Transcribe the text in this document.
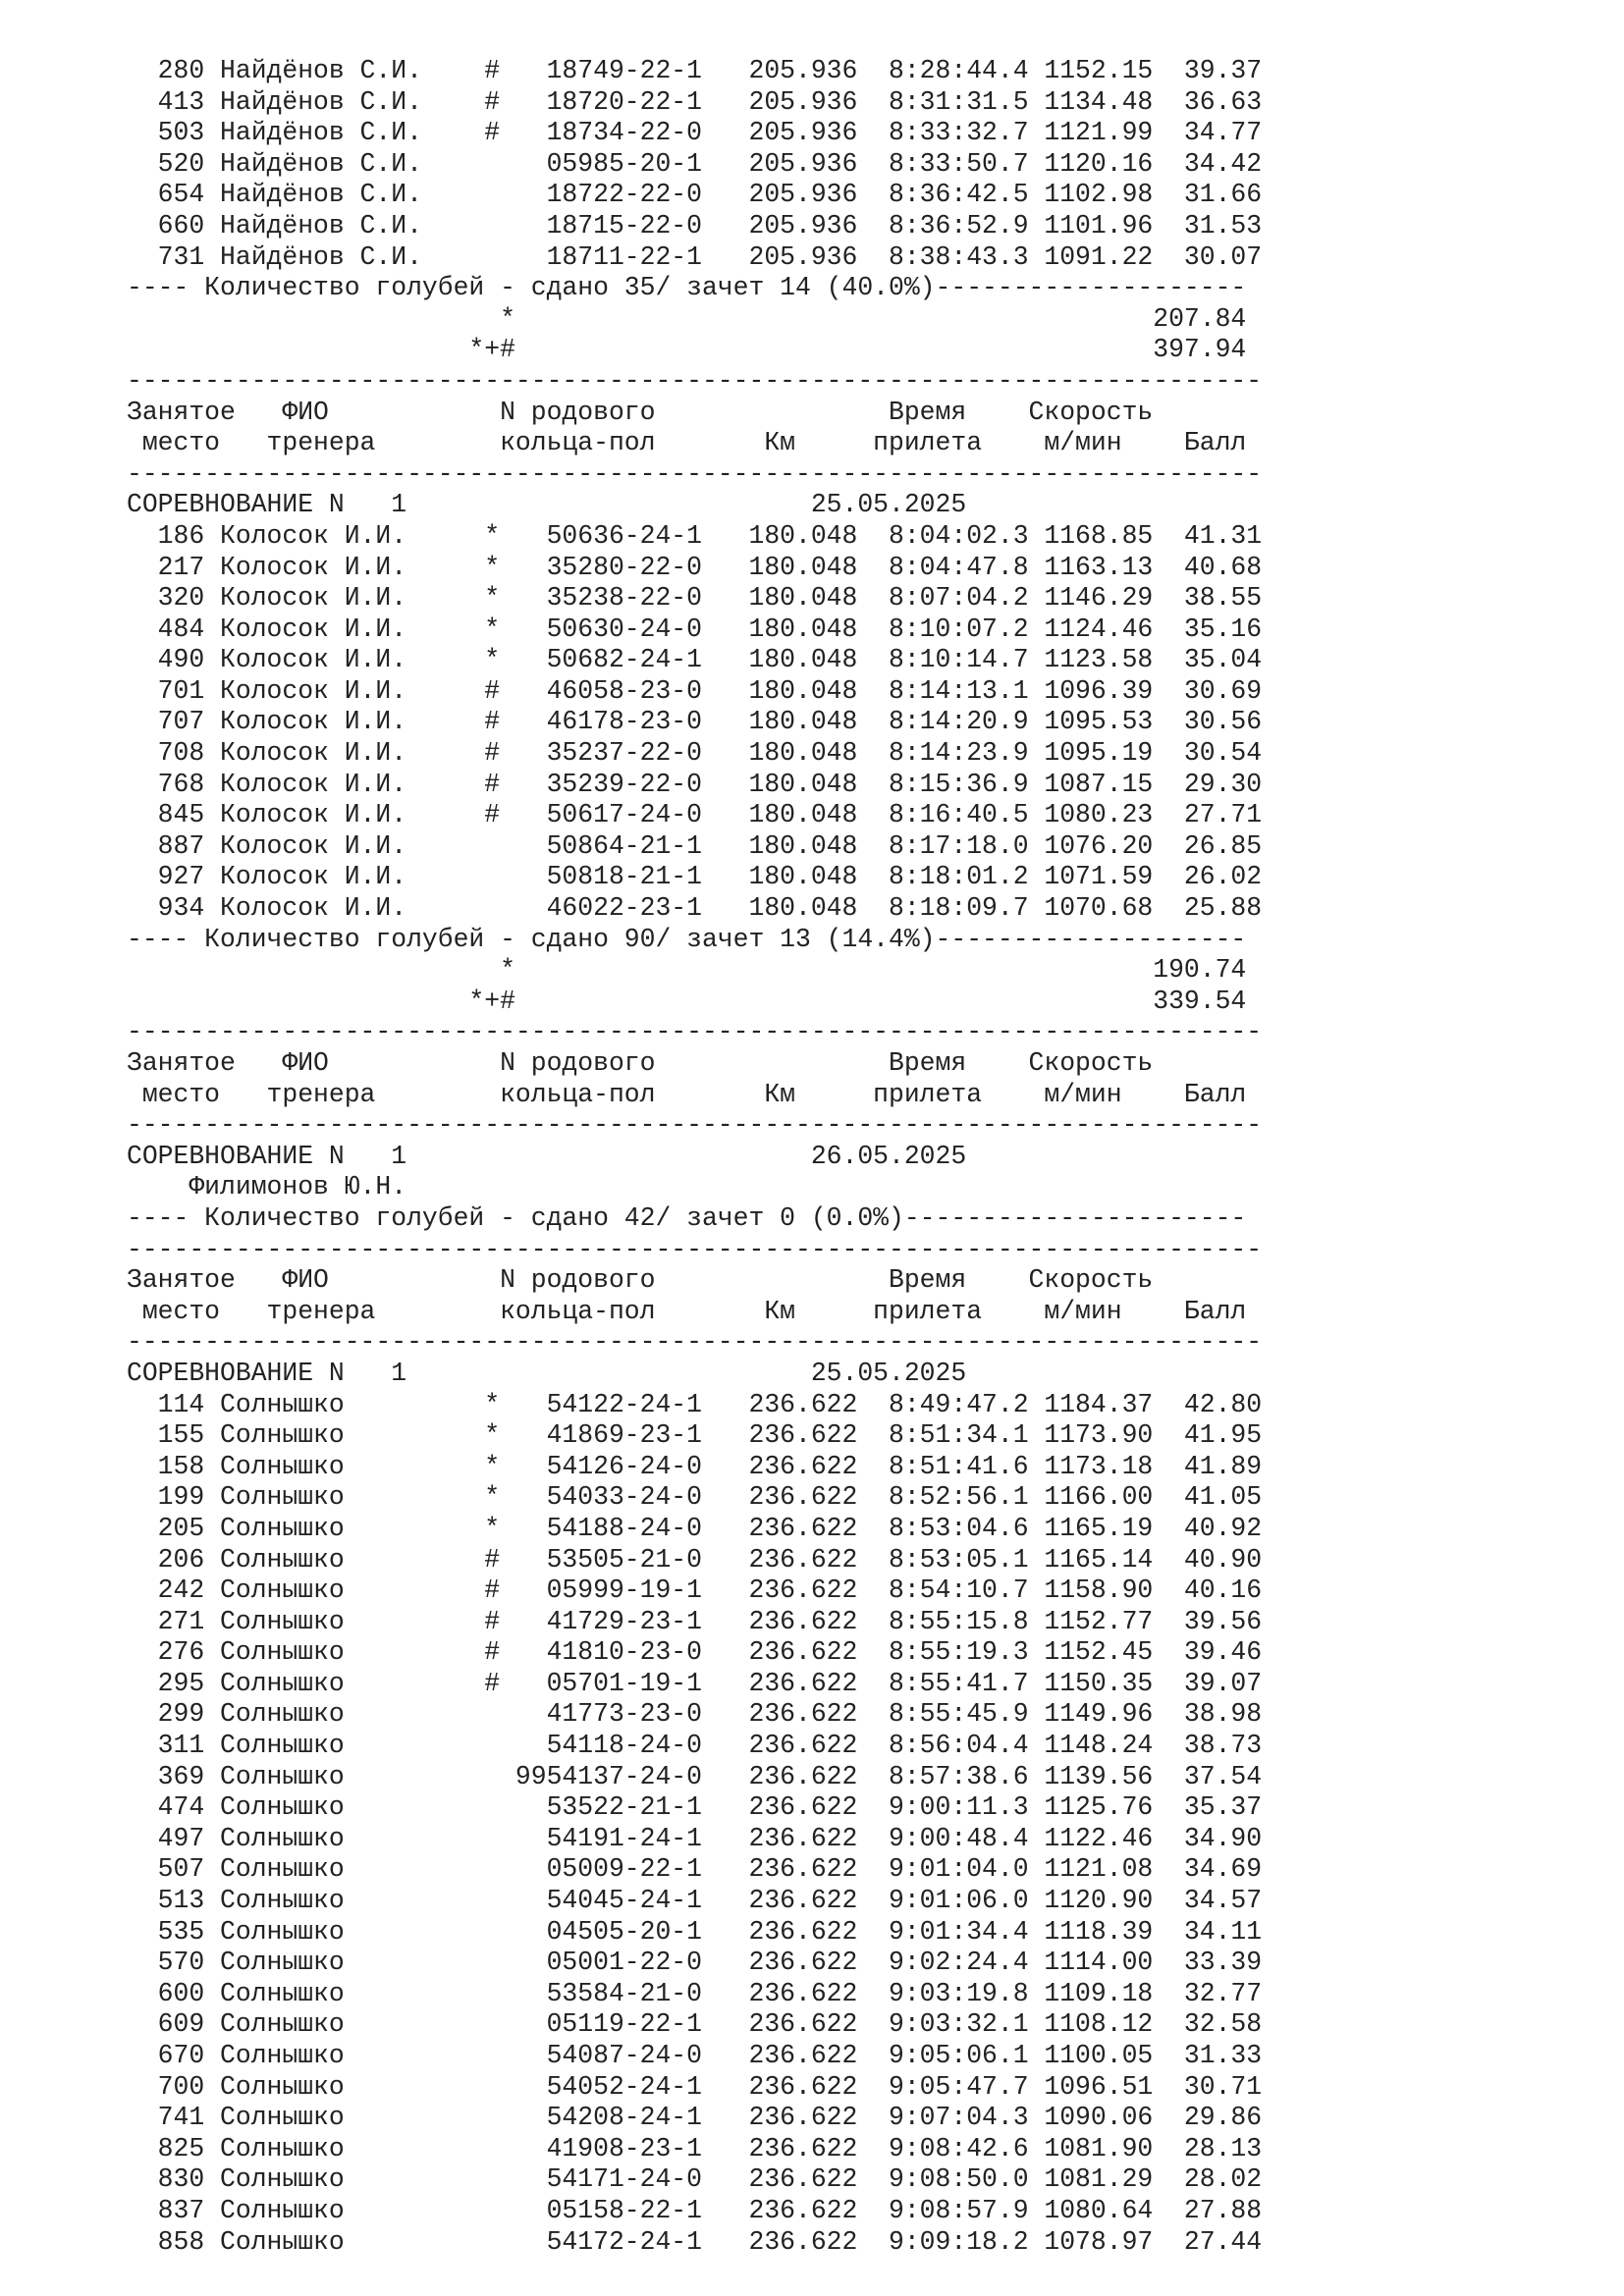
280 Найдёнов С.И.    #   18749-22-1   205.936  8:28:44.4 1152.15  39.37
413 Найдёнов С.И.    #   18720-22-1   205.936  8:31:31.5 1134.48  36.63
503 Найдёнов С.И.    #   18734-22-0   205.936  8:33:32.7 1121.99  34.77
520 Найдёнов С.И.        05985-20-1   205.936  8:33:50.7 1120.16  34.42
654 Найдёнов С.И.        18722-22-0   205.936  8:36:42.5 1102.98  31.66
660 Найдёнов С.И.        18715-22-0   205.936  8:36:52.9 1101.96  31.53
731 Найдёнов С.И.        18711-22-1   205.936  8:38:43.3 1091.22  30.07
---- Количество голубей - сдано 35/ зачет 14 (40.0%)--------------------
*                                         207.84
*+#                                         397.94
-------------------------------------------------------------------------
Занятое   ФИО           N родового               Время    Скорость
место   тренера        кольца-пол       Км     прилета    м/мин    Балл
-------------------------------------------------------------------------
СОРЕВНОВАНИЕ N   1                          25.05.2025
186 Колосок И.И.     *   50636-24-1   180.048  8:04:02.3 1168.85  41.31
217 Колосок И.И.     *   35280-22-0   180.048  8:04:47.8 1163.13  40.68
320 Колосок И.И.     *   35238-22-0   180.048  8:07:04.2 1146.29  38.55
484 Колосок И.И.     *   50630-24-0   180.048  8:10:07.2 1124.46  35.16
490 Колосок И.И.     *   50682-24-1   180.048  8:10:14.7 1123.58  35.04
701 Колосок И.И.     #   46058-23-0   180.048  8:14:13.1 1096.39  30.69
707 Колосок И.И.     #   46178-23-0   180.048  8:14:20.9 1095.53  30.56
708 Колосок И.И.     #   35237-22-0   180.048  8:14:23.9 1095.19  30.54
768 Колосок И.И.     #   35239-22-0   180.048  8:15:36.9 1087.15  29.30
845 Колосок И.И.     #   50617-24-0   180.048  8:16:40.5 1080.23  27.71
887 Колосок И.И.         50864-21-1   180.048  8:17:18.0 1076.20  26.85
927 Колосок И.И.         50818-21-1   180.048  8:18:01.2 1071.59  26.02
934 Колосок И.И.         46022-23-1   180.048  8:18:09.7 1070.68  25.88
---- Количество голубей - сдано 90/ зачет 13 (14.4%)--------------------
*                                         190.74
*+#                                         339.54
-------------------------------------------------------------------------
Занятое   ФИО           N родового               Время    Скорость
место   тренера        кольца-пол       Км     прилета    м/мин    Балл
-------------------------------------------------------------------------
СОРЕВНОВАНИЕ N   1                          26.05.2025
Филимонов Ю.Н.
---- Количество голубей - сдано 42/ зачет 0 (0.0%)----------------------
-------------------------------------------------------------------------
Занятое   ФИО           N родового               Время    Скорость
место   тренера        кольца-пол       Км     прилета    м/мин    Балл
-------------------------------------------------------------------------
СОРЕВНОВАНИЕ N   1                          25.05.2025
114 Солнышко         *   54122-24-1   236.622  8:49:47.2 1184.37  42.80
155 Солнышко         *   41869-23-1   236.622  8:51:34.1 1173.90  41.95
158 Солнышко         *   54126-24-0   236.622  8:51:41.6 1173.18  41.89
199 Солнышко         *   54033-24-0   236.622  8:52:56.1 1166.00  41.05
205 Солнышко         *   54188-24-0   236.622  8:53:04.6 1165.19  40.92
206 Солнышко         #   53505-21-0   236.622  8:53:05.1 1165.14  40.90
242 Солнышко         #   05999-19-1   236.622  8:54:10.7 1158.90  40.16
271 Солнышко         #   41729-23-1   236.622  8:55:15.8 1152.77  39.56
276 Солнышко         #   41810-23-0   236.622  8:55:19.3 1152.45  39.46
295 Солнышко         #   05701-19-1   236.622  8:55:41.7 1150.35  39.07
299 Солнышко             41773-23-0   236.622  8:55:45.9 1149.96  38.98
311 Солнышко             54118-24-0   236.622  8:56:04.4 1148.24  38.73
369 Солнышко           9954137-24-0   236.622  8:57:38.6 1139.56  37.54
474 Солнышко             53522-21-1   236.622  9:00:11.3 1125.76  35.37
497 Солнышко             54191-24-1   236.622  9:00:48.4 1122.46  34.90
507 Солнышко             05009-22-1   236.622  9:01:04.0 1121.08  34.69
513 Солнышко             54045-24-1   236.622  9:01:06.0 1120.90  34.57
535 Солнышко             04505-20-1   236.622  9:01:34.4 1118.39  34.11
570 Солнышко             05001-22-0   236.622  9:02:24.4 1114.00  33.39
600 Солнышко             53584-21-0   236.622  9:03:19.8 1109.18  32.77
609 Солнышко             05119-22-1   236.622  9:03:32.1 1108.12  32.58
670 Солнышко             54087-24-0   236.622  9:05:06.1 1100.05  31.33
700 Солнышко             54052-24-1   236.622  9:05:47.7 1096.51  30.71
741 Солнышко             54208-24-1   236.622  9:07:04.3 1090.06  29.86
825 Солнышко             41908-23-1   236.622  9:08:42.6 1081.90  28.13
830 Солнышко             54171-24-0   236.622  9:08:50.0 1081.29  28.02
837 Солнышко             05158-22-1   236.622  9:08:57.9 1080.64  27.88
858 Солнышко             54172-24-1   236.622  9:09:18.2 1078.97  27.44
